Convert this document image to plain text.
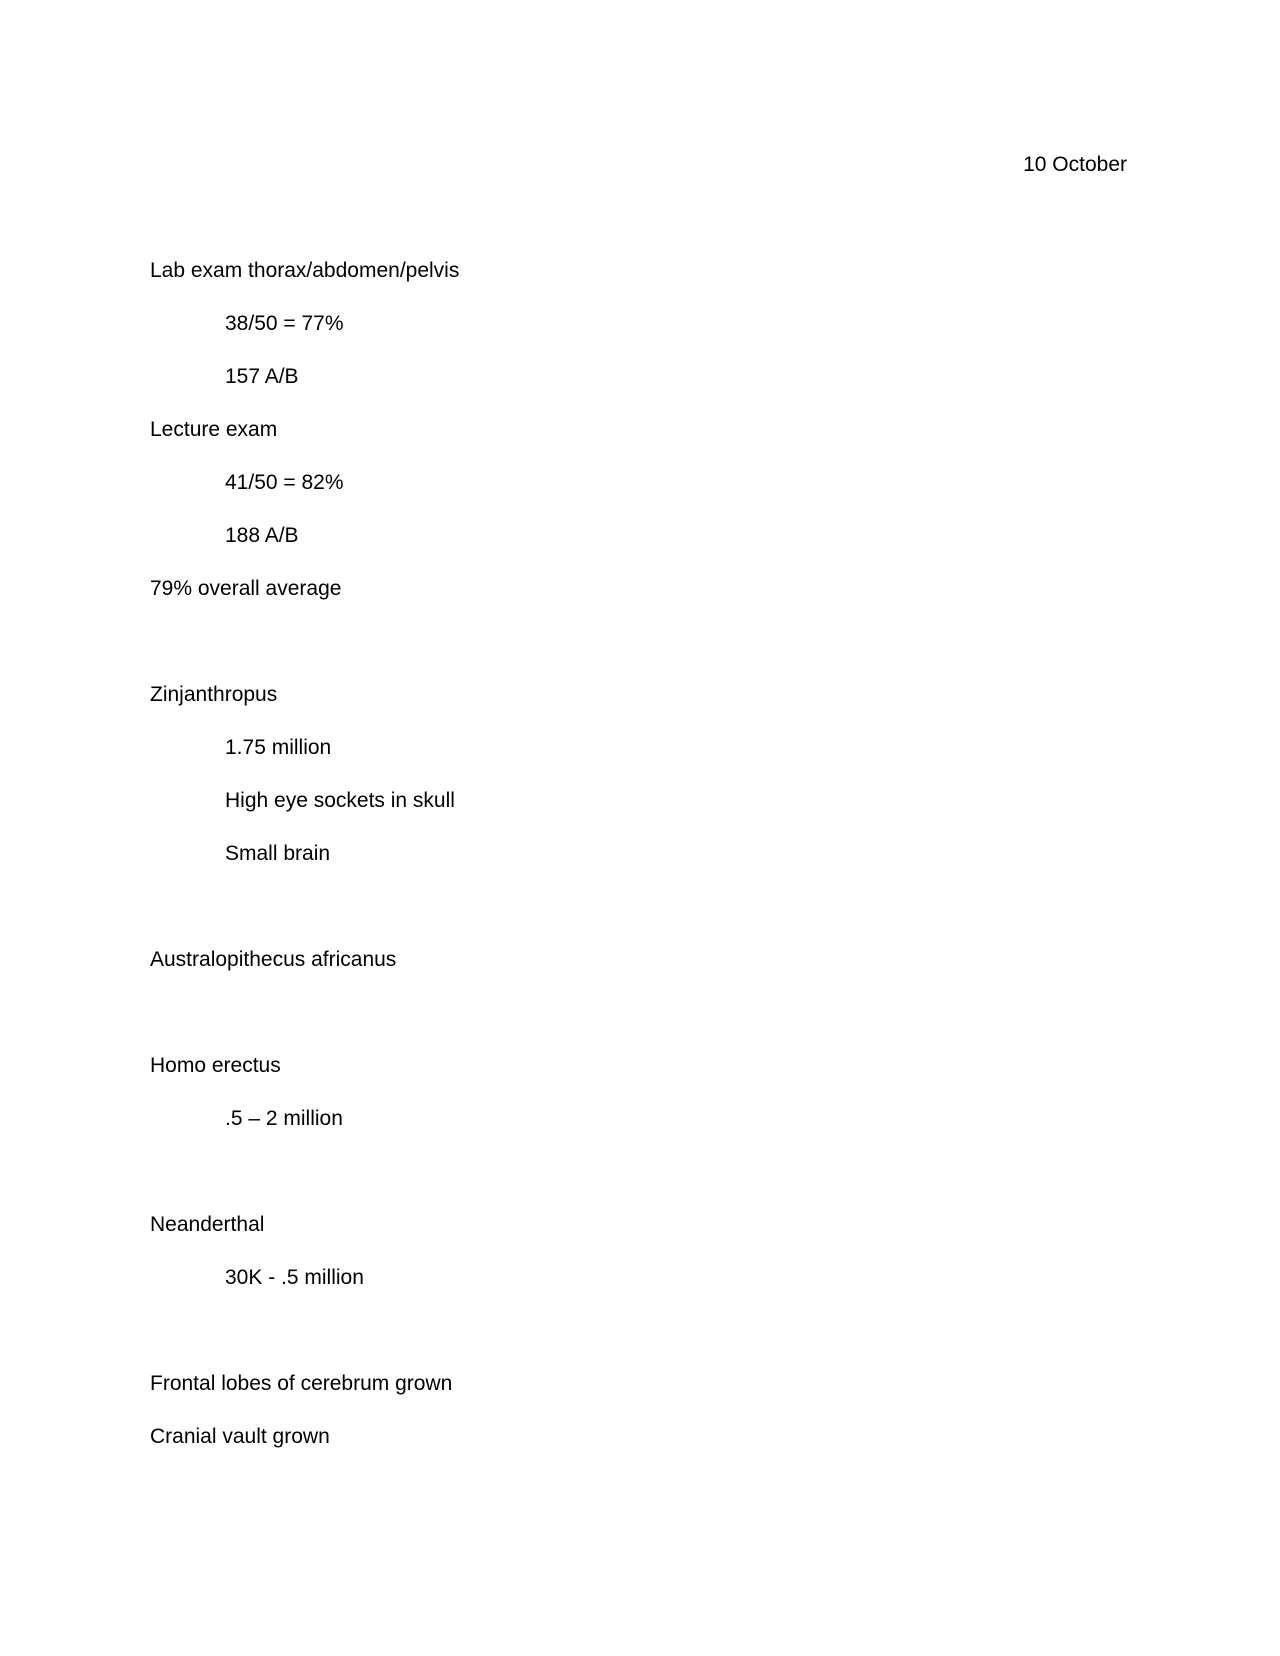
10 October
Lab exam thorax/abdomen/pelvis
38/50 = 77%
157 A/B
Lecture exam
41/50 = 82%
188 A/B
79% overall average
Zinjanthropus
1.75 million
High eye sockets in skull
Small brain
Australopithecus africanus
Homo erectus
.5 – 2 million
Neanderthal
30K - .5 million
Frontal lobes of cerebrum grown
Cranial vault grown
